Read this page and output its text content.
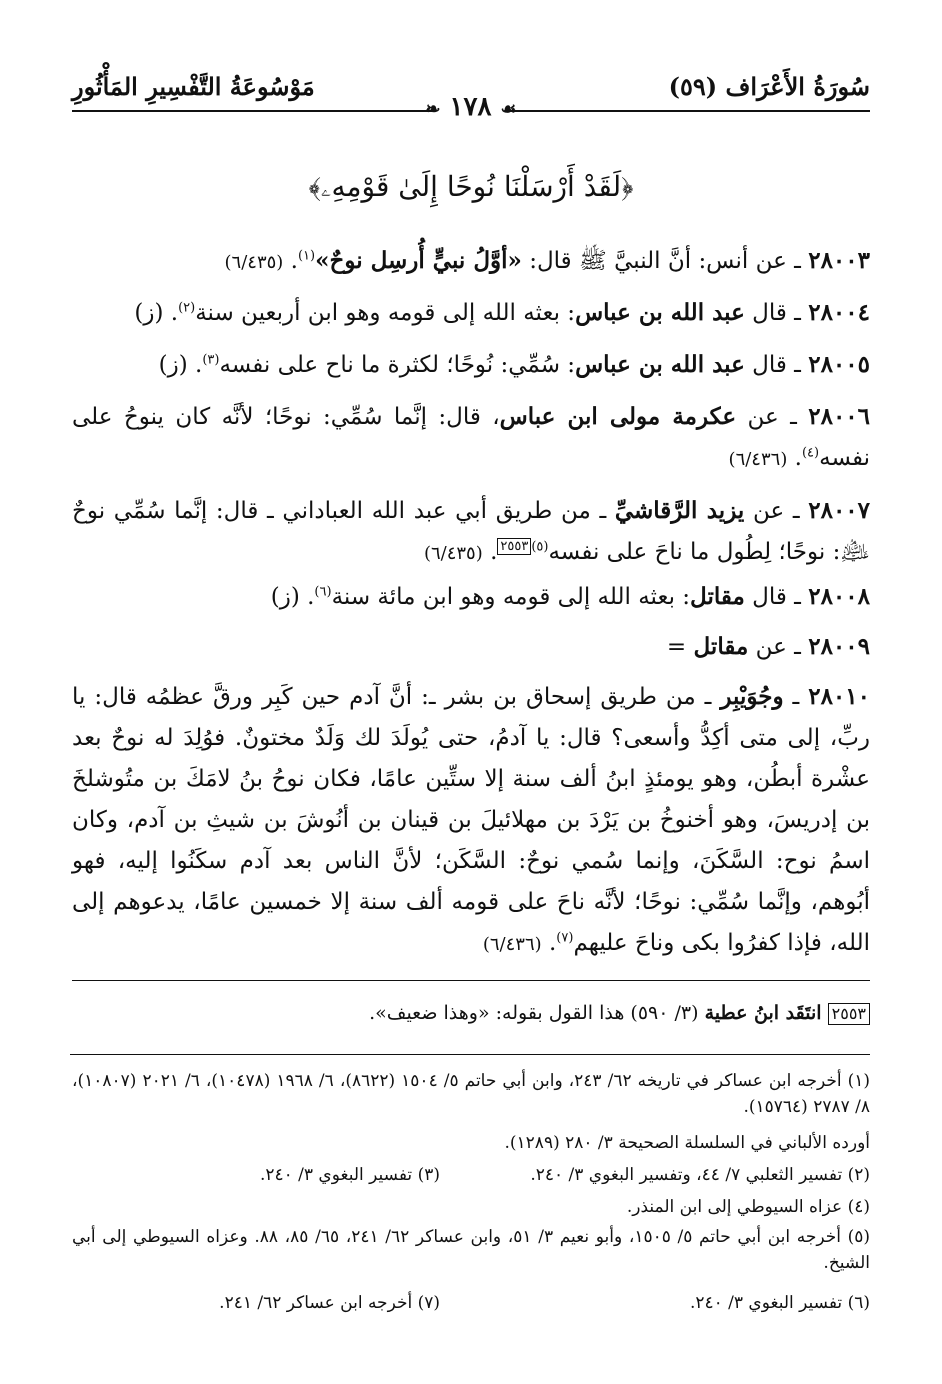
سُورَةُ الأَعْرَاف (٥٩)
مَوْسُوعَةُ التَّفْسِيرِ المَأْثُورِ
❧ ١٧٨ ☙
﴿لَقَدْ أَرْسَلْنَا نُوحًا إِلَىٰ قَوْمِهِۦ﴾
٢٨٠٠٣ ـ عن أنس: أنَّ النبيَّ ﷺ قال: «أوَّلُ نبيٍّ أُرسِل نوحٌ»$^{(١)}$. (٦/٤٣٥)
٢٨٠٠٤ ـ قال عبد الله بن عباس: بعثه الله إلى قومه وهو ابن أربعين سنة$^{(٢)}$. (ز)
٢٨٠٠٥ ـ قال عبد الله بن عباس: سُمِّي: نُوحًا؛ لكثرة ما ناح على نفسه$^{(٣)}$. (ز)
٢٨٠٠٦ ـ عن عكرمة مولى ابن عباس، قال: إنَّما سُمِّي: نوحًا؛ لأنَّه كان ينوحُ على نفسه$^{(٤)}$. (٦/٤٣٦)
٢٨٠٠٧ ـ عن يزيد الرَّقاشيِّ ـ من طريق أبي عبد الله العباداني ـ قال: إنَّما سُمِّي نوحٌ ﵇: نوحًا؛ لِطُول ما ناحَ على نفسه$^{(٥)}$٢٥٥٣. (٦/٤٣٥)
٢٨٠٠٨ ـ قال مقاتل: بعثه الله إلى قومه وهو ابن مائة سنة$^{(٦)}$. (ز)
٢٨٠٠٩ ـ عن مقاتل =
٢٨٠١٠ ـ وجُوَيْبِر ـ من طريق إسحاق بن بشر ـ: أنَّ آدم حين كَبِر ورقَّ عظمُه قال: يا ربِّ، إلى متى أكِدُّ وأسعى؟ قال: يا آدمُ، حتى يُولَدَ لك وَلَدٌ مختونٌ. فوُلِدَ له نوحٌ بعد عشْرة أبطُن، وهو يومئذٍ ابنُ ألف سنة إلا ستِّين عامًا، فكان نوحُ بنُ لامَكَ بن متُوشلخَ بن إدريسَ، وهو أخنوخُ بن يَرْدَ بن مهلائيلَ بن قينان بن أنُوشَ بن شيثِ بن آدم، وكان اسمُ نوح: السَّكَنَ، وإنما سُمي نوحٌ: السَّكَن؛ لأنَّ الناس بعد آدم سكَنُوا إليه، فهو أبُوهم، وإنَّما سُمِّي: نوحًا؛ لأنَّه ناحَ على قومه ألف سنة إلا خمسين عامًا، يدعوهم إلى الله، فإذا كفرُوا بكى وناحَ عليهم$^{(٧)}$. (٦/٤٣٦)
٢٥٥٣ انتَقَد ابنُ عطية (٣/ ٥٩٠) هذا القول بقوله: «وهذا ضعيف».
(١) أخرجه ابن عساكر في تاريخه ٦٢/ ٢٤٣، وابن أبي حاتم ٥/ ١٥٠٤ (٨٦٢٢)، ٦/ ١٩٦٨ (١٠٤٧٨)، ٦/ ٢٠٢١ (١٠٨٠٧)، ٨/ ٢٧٨٧ (١٥٧٦٤).
أورده الألباني في السلسلة الصحيحة ٣/ ٢٨٠ (١٢٨٩).
(٢) تفسير الثعلبي ٧/ ٤٤، وتفسير البغوي ٣/ ٢٤٠.
(٣) تفسير البغوي ٣/ ٢٤٠.
(٤) عزاه السيوطي إلى ابن المنذر.
(٥) أخرجه ابن أبي حاتم ٥/ ١٥٠٥، وأبو نعيم ٣/ ٥١، وابن عساكر ٦٢/ ٢٤١، ٦٥/ ٨٥، ٨٨. وعزاه السيوطي إلى أبي الشيخ.
(٦) تفسير البغوي ٣/ ٢٤٠.
(٧) أخرجه ابن عساكر ٦٢/ ٢٤١.
